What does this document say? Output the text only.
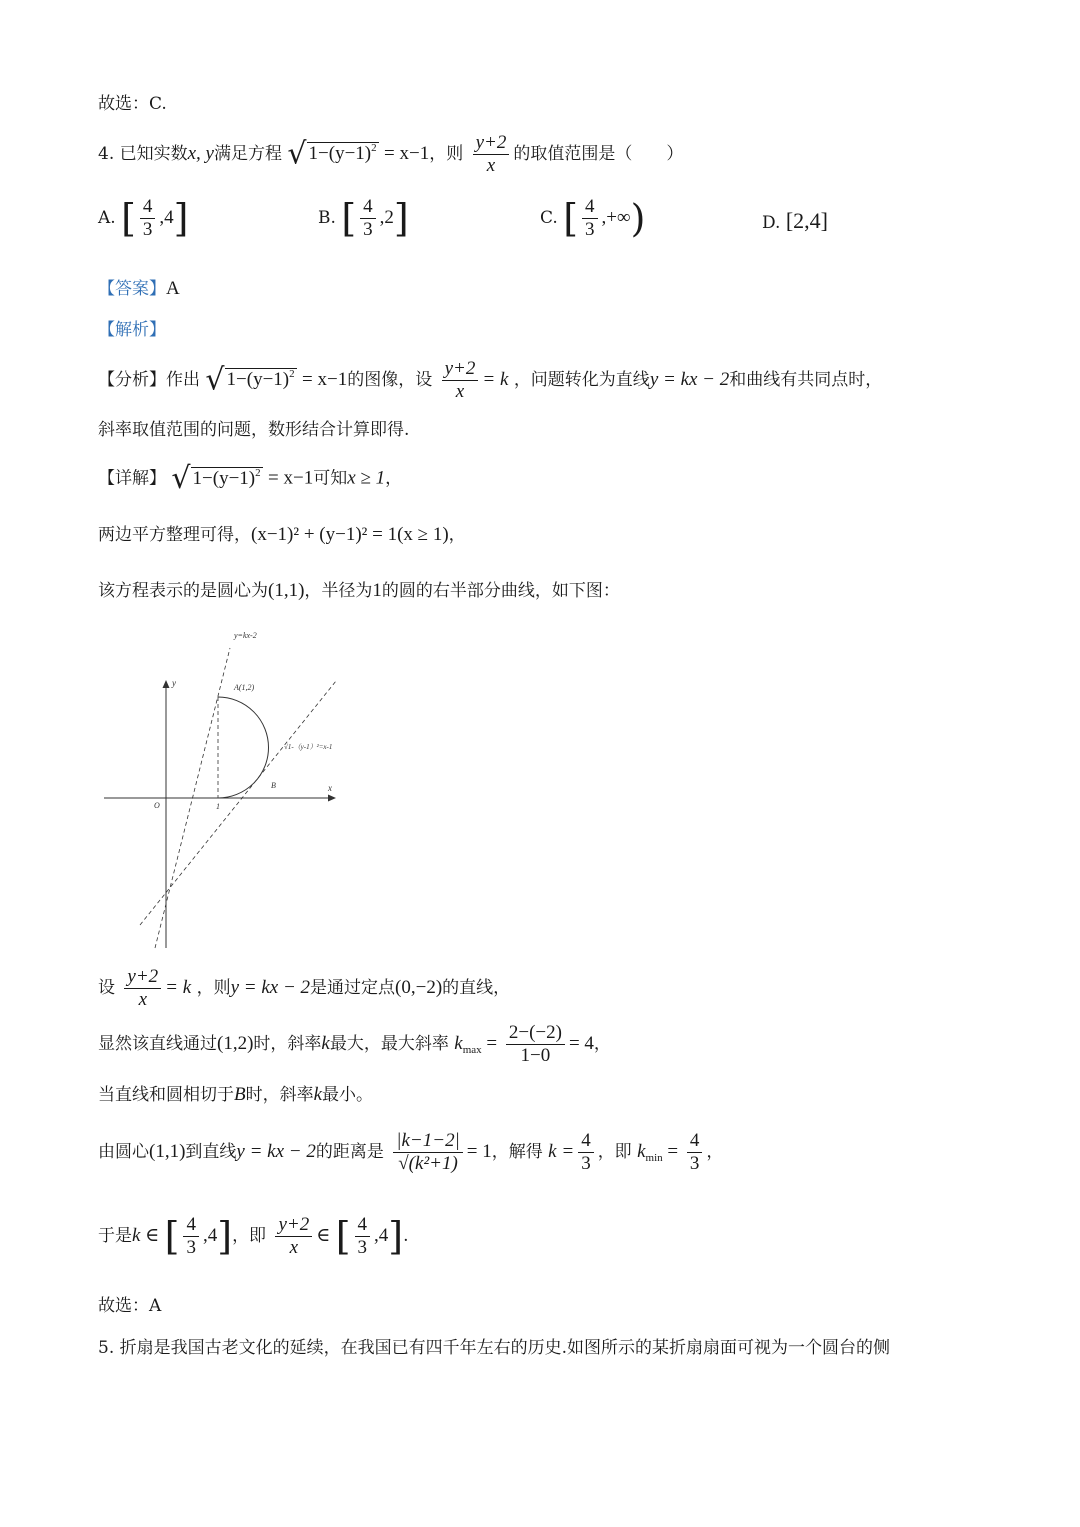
故选：C.
4. 已知实数x, y满足方程 √ $1-(y-1)^2 = x-1$，则 $\frac{y+2}{x}$ 的取值范围是（　　）
A. [ $\frac{4}{3} ,4$]	B. [ $\frac{4}{3} ,2$]	C. [ $\frac{4}{3}$ ,+∞)	D. [2,4]
【答案】A
【解析】
【分析】作出 √ $1-(y-1)^2 = x-1$的图像，设 $\frac{y+2}{x} = k$ ，问题转化为直线y = kx − 2和曲线有共同点时，
斜率取值范围的问题，数形结合计算即得.
【详解】 √ $1-(y-1)^2 = x-1$可知x ≥ 1，
两边平方整理可得，(x−1)² + (y−1)² = 1(x ≥ 1)，
该方程表示的是圆心为(1,1)，半径为1的圆的右半部分曲线，如下图：
y=kx-2
y
x
A(1,2)
√1-（y-1）²=x-1
B
O	1
设 $\frac{y+2}{x} = k$ ，则y = kx − 2是通过定点(0,−2)的直线，
显然该直线通过(1,2)时，斜率k最大，最大斜率 $k_{max} = \frac{2-(-2)}{1-0} = 4$，
当直线和圆相切于B时，斜率k最小。
由圆心(1,1)到直线y = kx − 2的距离是 $\frac{|k-1-2|}{\text{√(k²+1)}} = 1$，解得 $k = \frac{4}{3}$ ，即 $k_{min} = \frac{4}{3}$ ，
于是k ∈ [ $\frac{4}{3} ,4$]，即 $\frac{y+2}{x}$ ∈ [ $\frac{4}{3} ,4$].
故选：A
5. 折扇是我国古老文化的延续，在我国已有四千年左右的历史.如图所示的某折扇扇面可视为一个圆台的侧
